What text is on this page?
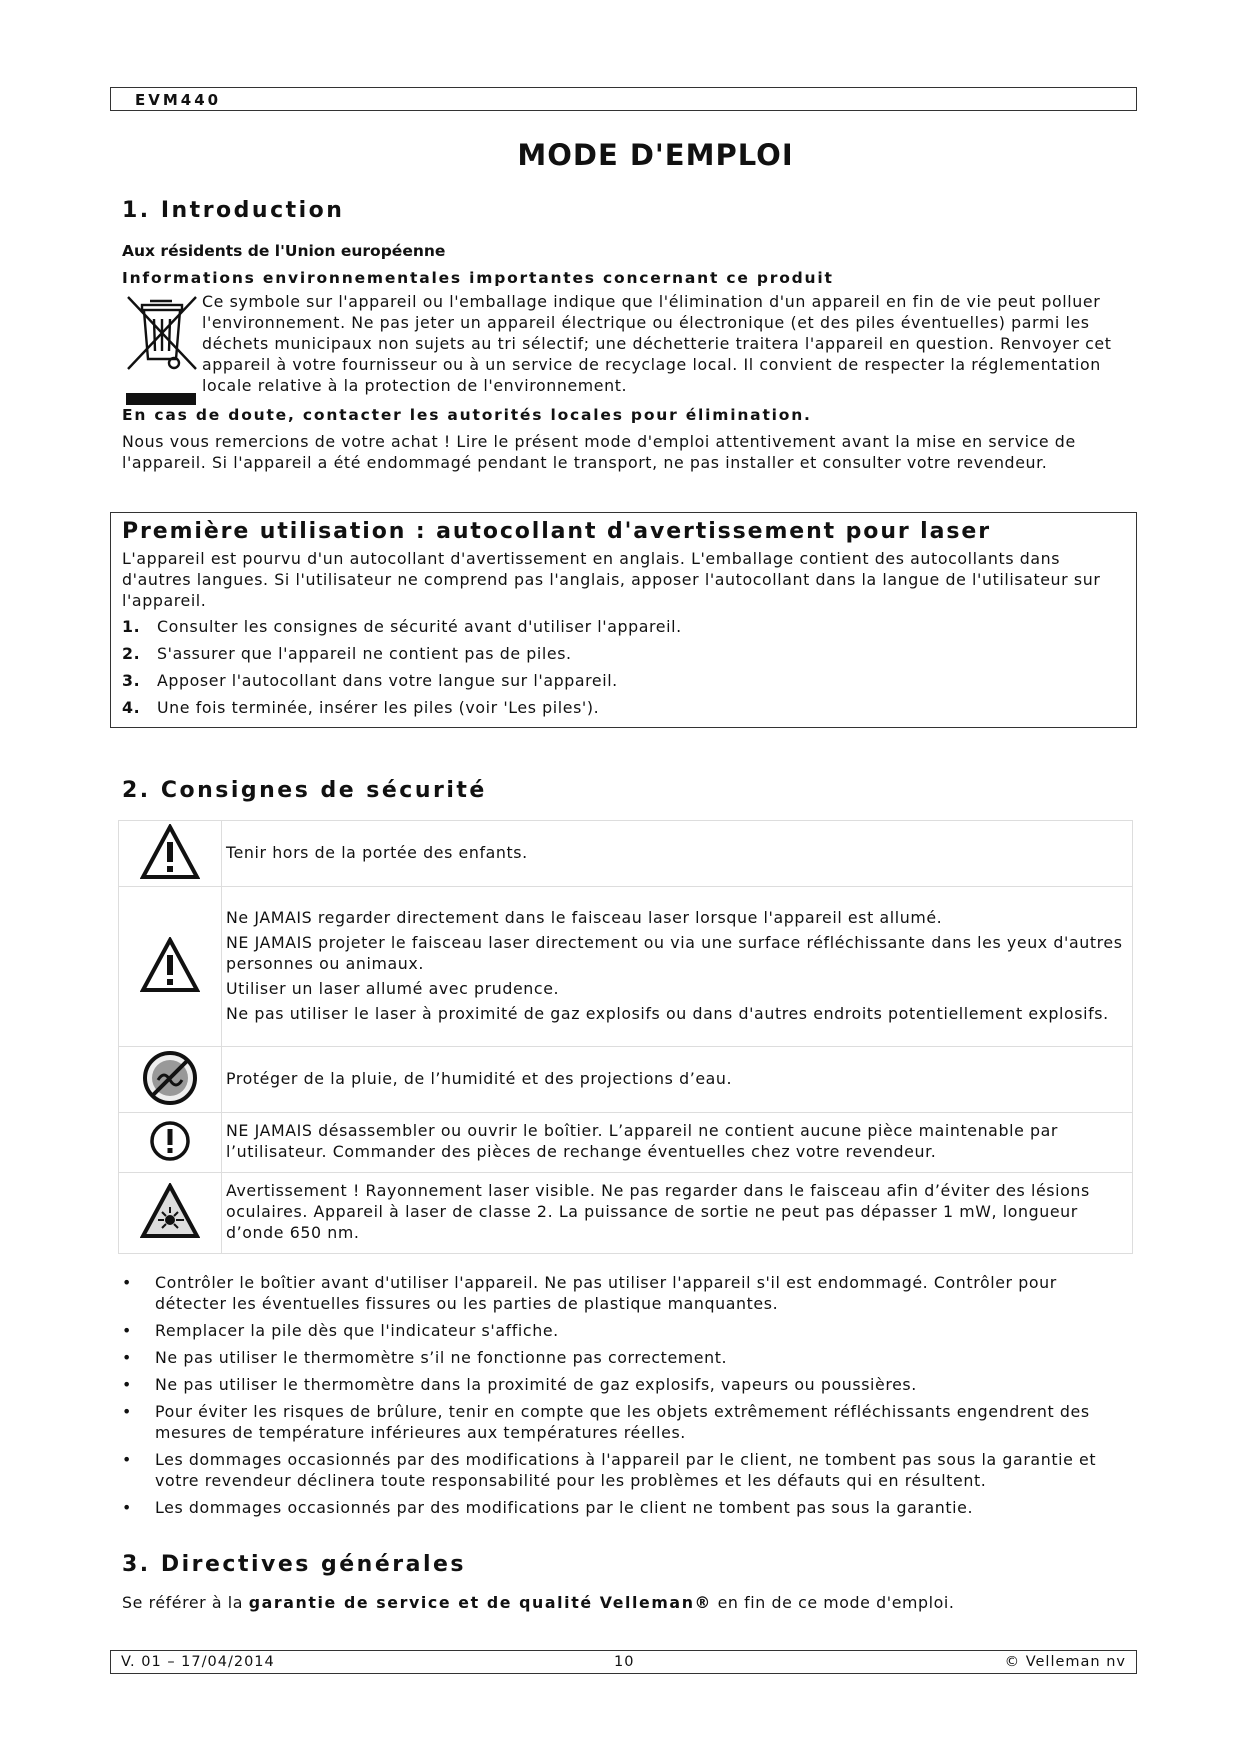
EVM440
MODE D'EMPLOI
1. Introduction
Aux résidents de l'Union européenne
Informations environnementales importantes concernant ce produit

Ce symbole sur l'appareil ou l'emballage indique que l'élimination d'un appareil en fin de vie peut polluer l'environnement. Ne pas jeter un appareil électrique ou électronique (et des piles éventuelles) parmi les déchets municipaux non sujets au tri sélectif; une déchetterie traitera l'appareil en question. Renvoyer cet appareil à votre fournisseur ou à un service de recyclage local. Il convient de respecter la réglementation locale relative à la protection de l'environnement.

En cas de doute, contacter les autorités locales pour élimination.

Nous vous remercions de votre achat ! Lire le présent mode d'emploi attentivement avant la mise en service de l'appareil. Si l'appareil a été endommagé pendant le transport, ne pas installer et consulter votre revendeur.

Première utilisation : autocollant d'avertissement pour laser

L'appareil est pourvu d'un autocollant d'avertissement en anglais. L'emballage contient des autocollants dans d'autres langues. Si l'utilisateur ne comprend pas l'anglais, apposer l'autocollant dans la langue de l'utilisateur sur l'appareil.

1. Consulter les consignes de sécurité avant d'utiliser l'appareil.
2. S'assurer que l'appareil ne contient pas de piles.
3. Apposer l'autocollant dans votre langue sur l'appareil.
4. Une fois terminée, insérer les piles (voir 'Les piles').
2. Consignes de sécurité

Tenir hors de la portée des enfants.

Ne JAMAIS regarder directement dans le faisceau laser lorsque l'appareil est allumé.

NE JAMAIS projeter le faisceau laser directement ou via une surface réfléchissante dans les yeux d'autres personnes ou animaux.

Utiliser un laser allumé avec prudence.

Ne pas utiliser le laser à proximité de gaz explosifs ou dans d'autres endroits potentiellement explosifs.

Protéger de la pluie, de l’humidité et des projections d’eau.

NE JAMAIS désassembler ou ouvrir le boîtier. L’appareil ne contient aucune pièce maintenable par l’utilisateur. Commander des pièces de rechange éventuelles chez votre revendeur.

Avertissement ! Rayonnement laser visible. Ne pas regarder dans le faisceau afin d’éviter des lésions oculaires. Appareil à laser de classe 2. La puissance de sortie ne peut pas dépasser 1 mW, longueur d’onde 650 nm.

• Contrôler le boîtier avant d'utiliser l'appareil. Ne pas utiliser l'appareil s'il est endommagé. Contrôler pour détecter les éventuelles fissures ou les parties de plastique manquantes.
• Remplacer la pile dès que l'indicateur s'affiche.
• Ne pas utiliser le thermomètre s’il ne fonctionne pas correctement.
• Ne pas utiliser le thermomètre dans la proximité de gaz explosifs, vapeurs ou poussières.
• Pour éviter les risques de brûlure, tenir en compte que les objets extrêmement réfléchissants engendrent des mesures de température inférieures aux températures réelles.
• Les dommages occasionnés par des modifications à l'appareil par le client, ne tombent pas sous la garantie et votre revendeur déclinera toute responsabilité pour les problèmes et les défauts qui en résultent.
• Les dommages occasionnés par des modifications par le client ne tombent pas sous la garantie.
3. Directives générales

Se référer à la garantie de service et de qualité Velleman® en fin de ce mode d'emploi.

V. 01 – 17/04/2014	10	© Velleman nv
